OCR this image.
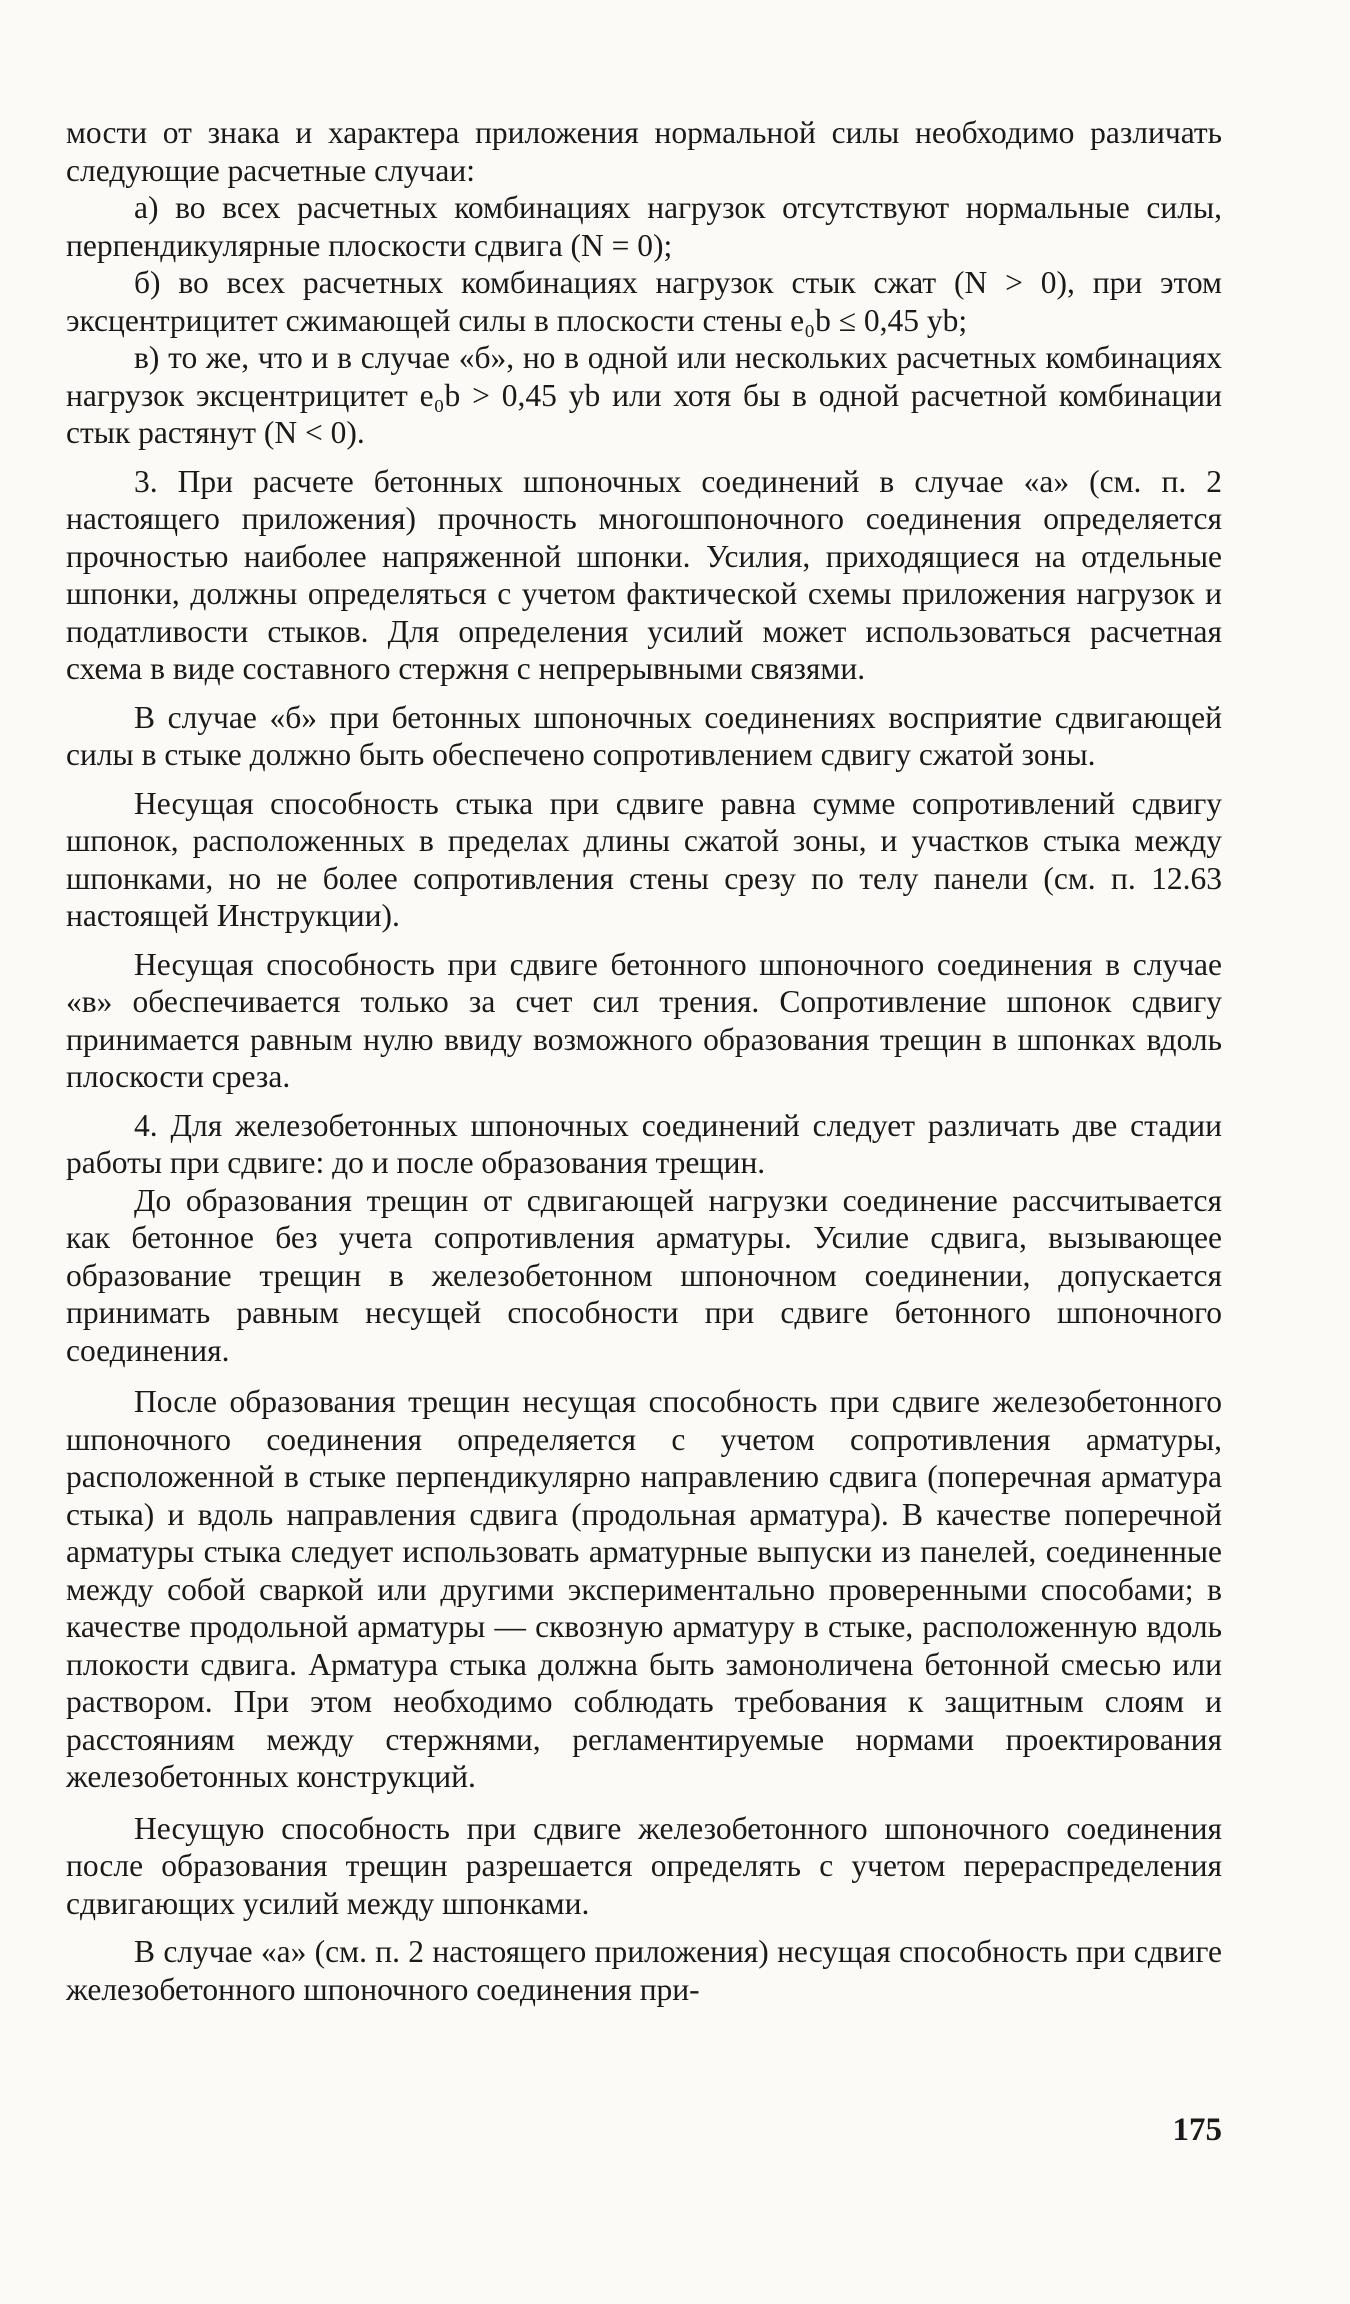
мости от знака и характера приложения нормальной силы необходимо различать следующие расчетные случаи:

а) во всех расчетных комбинациях нагрузок отсутствуют нормальные силы, перпендикулярные плоскости сдвига (N = 0);

б) во всех расчетных комбинациях нагрузок стык сжат (N > 0), при этом эксцентрицитет сжимающей силы в плоскости стены e₀b ≤ 0,45 yb;

в) то же, что и в случае «б», но в одной или нескольких расчетных комбинациях нагрузок эксцентрицитет e₀b > 0,45 yb или хотя бы в одной расчетной комбинации стык растянут (N < 0).

3. При расчете бетонных шпоночных соединений в случае «а» (см. п. 2 настоящего приложения) прочность многошпоночного соединения определяется прочностью наиболее напряженной шпонки. Усилия, приходящиеся на отдельные шпонки, должны определяться с учетом фактической схемы приложения нагрузок и податливости стыков. Для определения усилий может использоваться расчетная схема в виде составного стержня с непрерывными связями.

В случае «б» при бетонных шпоночных соединениях восприятие сдвигающей силы в стыке должно быть обеспечено сопротивлением сдвигу сжатой зоны.

Несущая способность стыка при сдвиге равна сумме сопротивлений сдвигу шпонок, расположенных в пределах длины сжатой зоны, и участков стыка между шпонками, но не более сопротивления стены срезу по телу панели (см. п. 12.63 настоящей Инструкции).

Несущая способность при сдвиге бетонного шпоночного соединения в случае «в» обеспечивается только за счет сил трения. Сопротивление шпонок сдвигу принимается равным нулю ввиду возможного образования трещин в шпонках вдоль плоскости среза.

4. Для железобетонных шпоночных соединений следует различать две стадии работы при сдвиге: до и после образования трещин.

До образования трещин от сдвигающей нагрузки соединение рассчитывается как бетонное без учета сопротивления арматуры. Усилие сдвига, вызывающее образование трещин в железобетонном шпоночном соединении, допускается принимать равным несущей способности при сдвиге бетонного шпоночного соединения.

После образования трещин несущая способность при сдвиге железобетонного шпоночного соединения определяется с учетом сопротивления арматуры, расположенной в стыке перпендикулярно направлению сдвига (поперечная арматура стыка) и вдоль направления сдвига (продольная арматура). В качестве поперечной арматуры стыка следует использовать арматурные выпуски из панелей, соединенные между собой сваркой или другими экспериментально проверенными способами; в качестве продольной арматуры — сквозную арматуру в стыке, расположенную вдоль плокости сдвига. Арматура стыка должна быть замоноличена бетонной смесью или раствором. При этом необходимо соблюдать требования к защитным слоям и расстояниям между стержнями, регламентируемые нормами проектирования железобетонных конструкций.

Несущую способность при сдвиге железобетонного шпоночного соединения после образования трещин разрешается определять с учетом перераспределения сдвигающих усилий между шпонками.

В случае «а» (см. п. 2 настоящего приложения) несущая способность при сдвиге железобетонного шпоночного соединения при-

175
